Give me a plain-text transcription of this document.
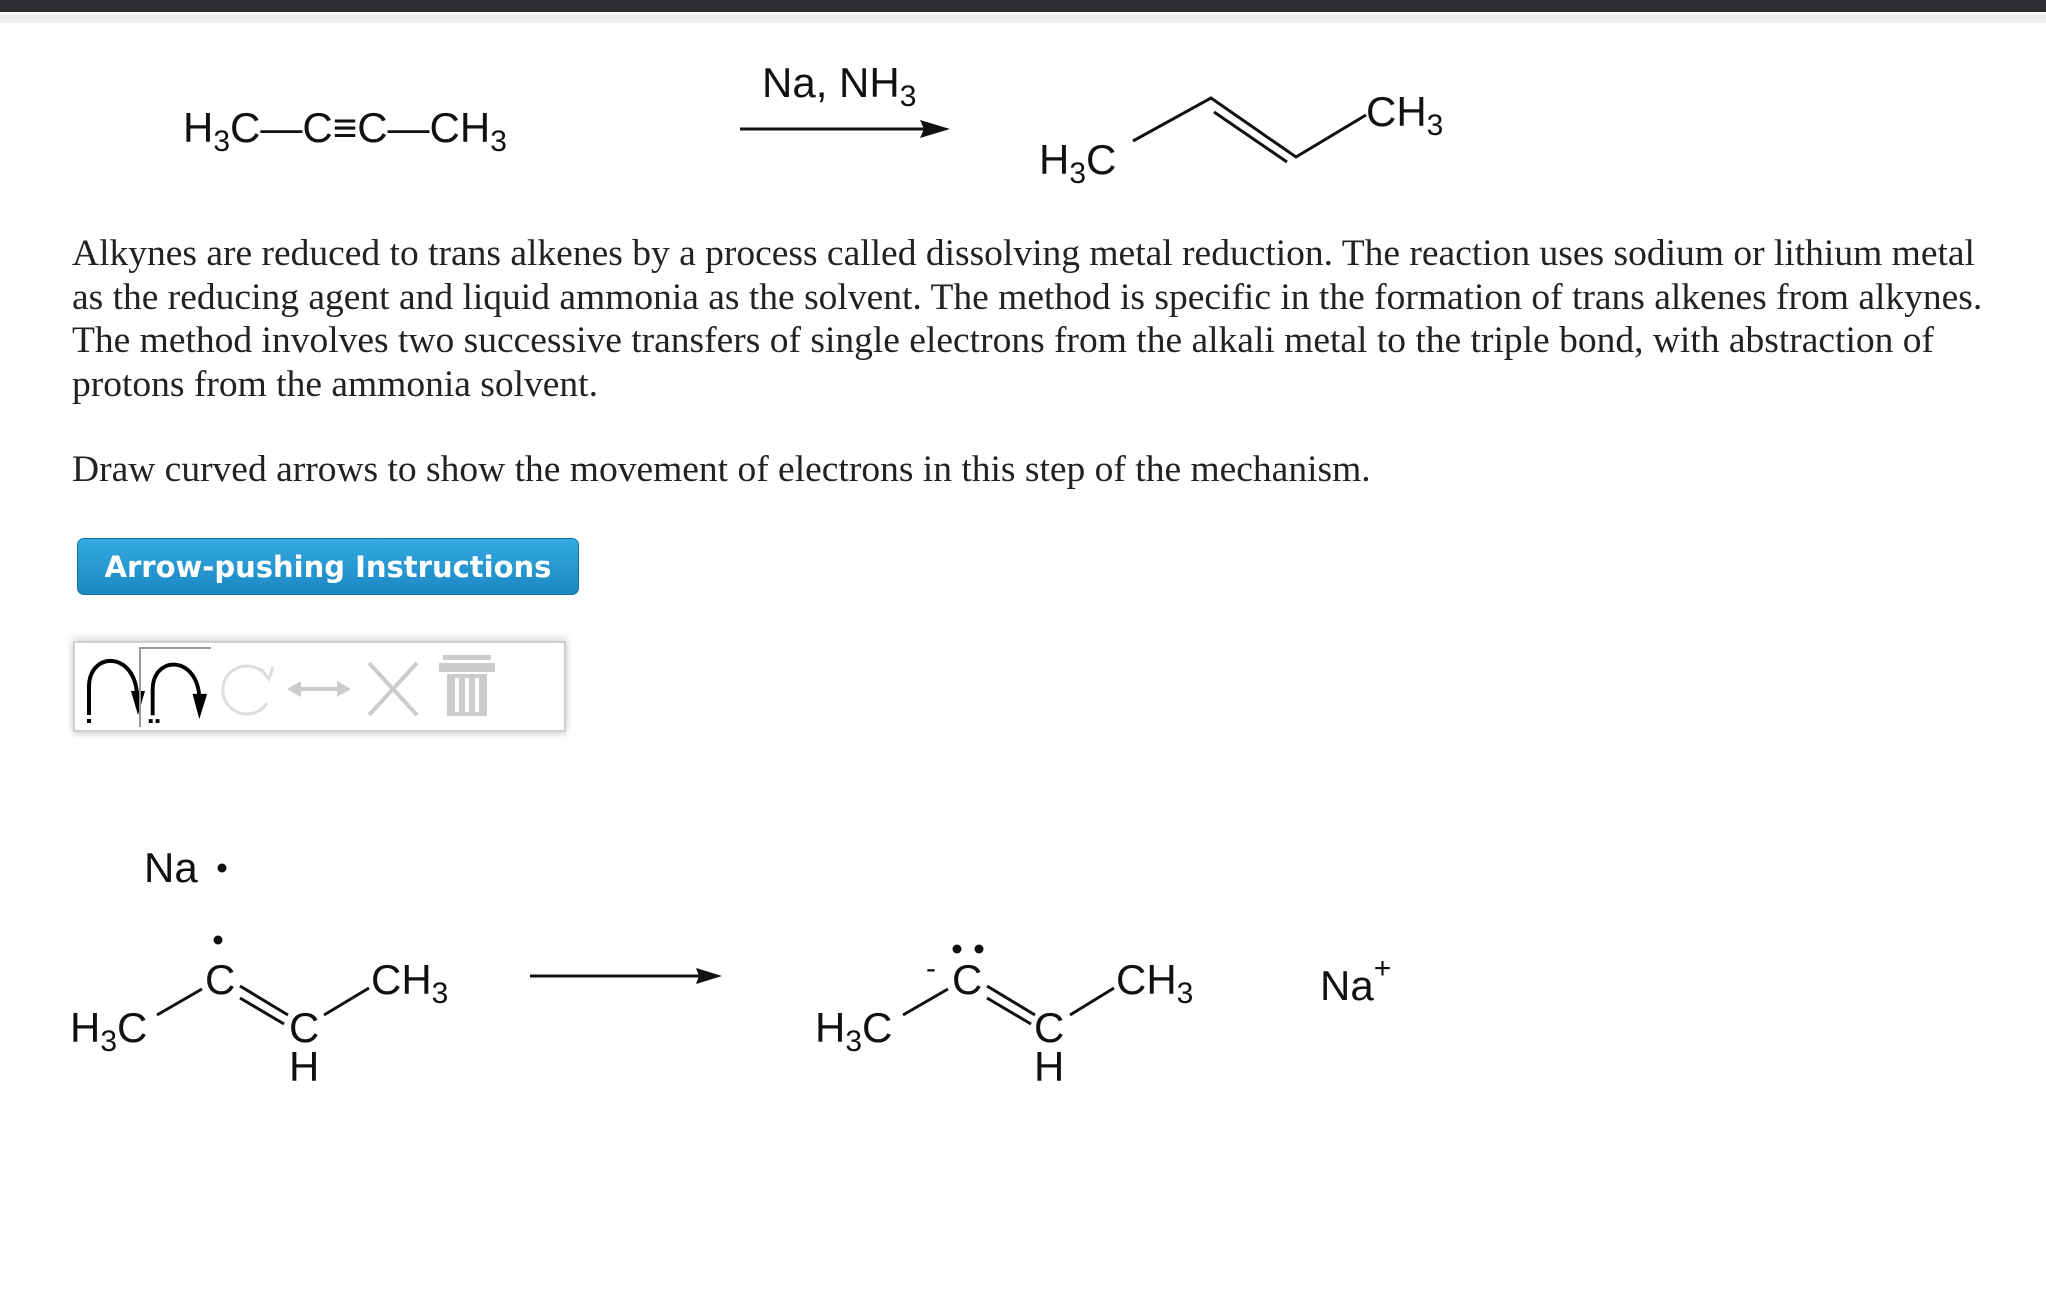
$H_3C—C\equiv C—CH_3$
Na, $NH_3$
$H_3C$
$CH_3$
Na
$H_3C$
C
C
H
$CH_3$
$H_3C$
- C
C
H
$CH_3$	Na+
Alkynes are reduced to trans alkenes by a process called dissolving metal reduction. The reaction uses sodium or lithium metal
as the reducing agent and liquid ammonia as the solvent. The method is specific in the formation of trans alkenes from alkynes.
The method involves two successive transfers of single electrons from the alkali metal to the triple bond, with abstraction of
protons from the ammonia solvent.
Draw curved arrows to show the movement of electrons in this step of the mechanism.
Arrow-pushing Instructions
